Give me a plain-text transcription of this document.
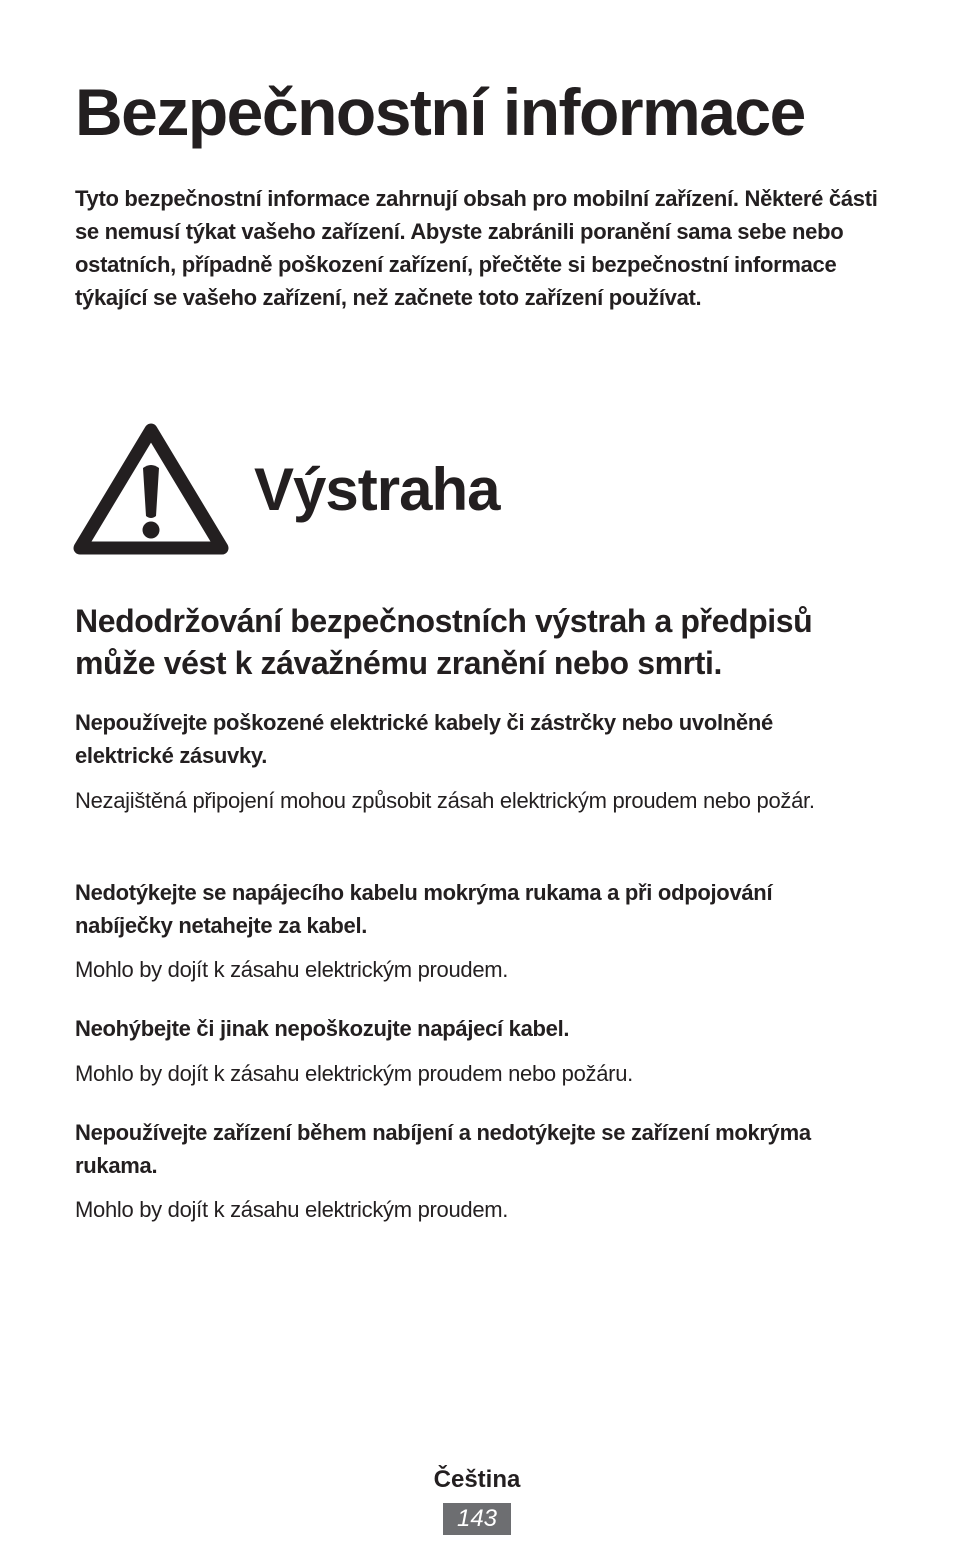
Bezpečnostní informace

Tyto bezpečnostní informace zahrnují obsah pro mobilní zařízení. Některé části se nemusí týkat vašeho zařízení. Abyste zabránili poranění sama sebe nebo ostatních, případně poškození zařízení, přečtěte si bezpečnostní informace týkající se vašeho zařízení, než začnete toto zařízení používat.

Výstraha

Nedodržování bezpečnostních výstrah a předpisů může vést k závažnému zranění nebo smrti.

Nepoužívejte poškozené elektrické kabely či zástrčky nebo uvolněné elektrické zásuvky.

Nezajištěná připojení mohou způsobit zásah elektrickým proudem nebo požár.

Nedotýkejte se napájecího kabelu mokrýma rukama a při odpojování nabíječky netahejte za kabel.

Mohlo by dojít k zásahu elektrickým proudem.

Neohýbejte či jinak nepoškozujte napájecí kabel.

Mohlo by dojít k zásahu elektrickým proudem nebo požáru.

Nepoužívejte zařízení během nabíjení a nedotýkejte se zařízení mokrýma rukama.

Mohlo by dojít k zásahu elektrickým proudem.

Čeština
143
